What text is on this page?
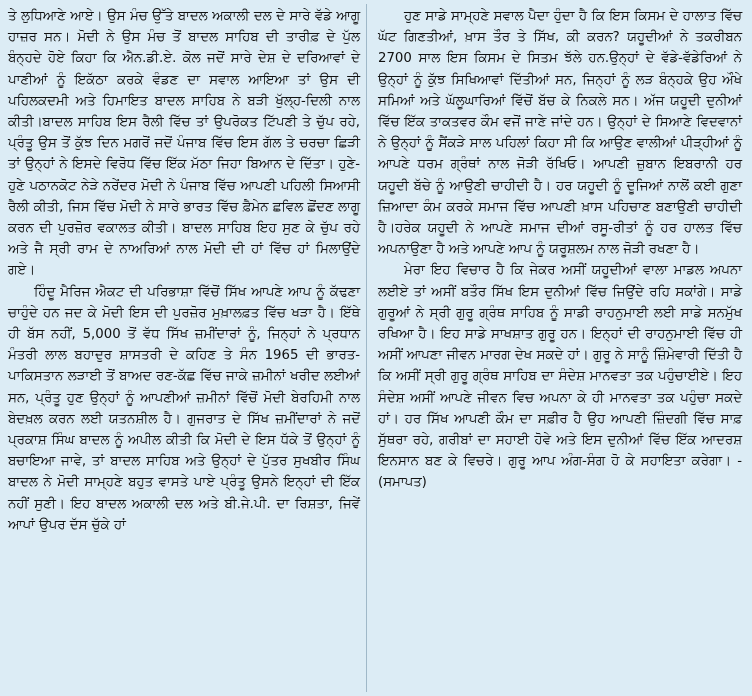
ਤੇ ਲੁਧਿਆਣੇ ਆਏ। ਉਸ ਮੰਚ ਉੱਤੇ ਬਾਦਲ ਅਕਾਲੀ ਦਲ ਦੇ ਸਾਰੇ ਵੱਡੇ ਆਗੂ ਹਾਜ਼ਰ ਸਨ। ਮੋਦੀ ਨੇ ਉਸ ਮੰਚ ਤੋਂ ਬਾਦਲ ਸਾਹਿਬ ਦੀ ਤਾਰੀਫ਼ ਦੇ ਪੁੱਲ ਬੰਨ੍ਹਦੇ ਹੋਏ ਕਿਹਾ ਕਿ ਐਨ.ਡੀ.ਏ. ਕੋਲ ਜਦੋਂ ਸਾਰੇ ਦੇਸ਼ ਦੇ ਦਰਿਆਵਾਂ ਦੇ ਪਾਣੀਆਂ ਨੂੰ ਇਕੱਠਾ ਕਰਕੇ ਵੰਡਣ ਦਾ ਸਵਾਲ ਆਇਆ ਤਾਂ ਉਸ ਦੀ ਪਹਿਲਕਦਮੀ ਅਤੇ ਹਿਮਾਇਤ ਬਾਦਲ ਸਾਹਿਬ ਨੇ ਬੜੀ ਖੁੱਲ੍ਹ-ਦਿਲੀ ਨਾਲ ਕੀਤੀ।ਬਾਦਲ ਸਾਹਿਬ ਇਸ ਰੈਲੀ ਵਿੱਚ ਤਾਂ ਉਪਰੋਕਤ ਟਿੱਪਣੀ ਤੇ ਚੁੱਪ ਰਹੇ, ਪ੍ਰੰਤੂ ਉਸ ਤੋਂ ਕੁੱਝ ਦਿਨ ਮਗਰੋਂ ਜਦੋਂ ਪੰਜਾਬ ਵਿੱਚ ਇਸ ਗੱਲ ਤੇ ਚਰਚਾ ਛਿੜੀ ਤਾਂ ਉਨ੍ਹਾਂ ਨੇ ਇਸਦੇ ਵਿਰੋਧ ਵਿੱਚ ਇੱਕ ਮੱਠਾ ਜਿਹਾ ਬਿਆਨ ਦੇ ਦਿੱਤਾ। ਹੁਣੇ-ਹੁਣੇ ਪਠਾਨਕੋਟ ਨੇੜੇ ਨਰੇਂਦਰ ਮੋਦੀ ਨੇ ਪੰਜਾਬ ਵਿੱਚ ਆਪਣੀ ਪਹਿਲੀ ਸਿਆਸੀ ਰੈਲੀ ਕੀਤੀ, ਜਿਸ ਵਿੱਚ ਮੋਦੀ ਨੇ ਸਾਰੇ ਭਾਰਤ ਵਿੱਚ ਫ਼ੈਮੇਨ ਛਵਿਲ ਛੋਂਦਣ ਲਾਗੂ ਕਰਨ ਦੀ ਪੁਰਜ਼ੋਰ ਵਕਾਲਤ ਕੀਤੀ। ਬਾਦਲ ਸਾਹਿਬ ਇਹ ਸੁਣ ਕੇ ਚੁੱਪ ਰਹੇ ਅਤੇ ਜੈ ਸ੍ਰੀ ਰਾਮ ਦੇ ਨਾਅਰਿਆਂ ਨਾਲ ਮੋਦੀ ਦੀ ਹਾਂ ਵਿੱਚ ਹਾਂ ਮਿਲਾਉਂਦੇ ਗਏ।

ਹਿੰਦੂ ਮੈਰਿਜ ਐਕਟ ਦੀ ਪਰਿਭਾਸ਼ਾ ਵਿੱਚੋਂ ਸਿੱਖ ਆਪਣੇ ਆਪ ਨੂੰ ਕੱਢਣਾ ਚਾਹੁੰਦੇ ਹਨ ਜਦ ਕੇ ਮੋਦੀ ਇਸ ਦੀ ਪੁਰਜ਼ੋਰ ਮੁਖ਼ਾਲਫ਼ਤ ਵਿੱਚ ਖੜਾ ਹੈ। ਇੱਥੇ ਹੀ ਬੱਸ ਨਹੀਂ, 5,000 ਤੋਂ ਵੱਧ ਸਿੱਖ ਜ਼ਮੀਂਦਾਰਾਂ ਨੂੰ, ਜਿਨ੍ਹਾਂ ਨੇ ਪ੍ਰਧਾਨ ਮੰਤਰੀ ਲਾਲ ਬਹਾਦੁਰ ਸ਼ਾਸਤਰੀ ਦੇ ਕਹਿਣ ਤੇ ਸੰਨ 1965 ਦੀ ਭਾਰਤ-ਪਾਕਿਸਤਾਨ ਲੜਾਈ ਤੋਂ ਬਾਅਦ ਰਣ-ਕੱਛ ਵਿੱਚ ਜਾਕੇ ਜ਼ਮੀਨਾਂ ਖਰੀਦ ਲਈਆਂ ਸਨ, ਪ੍ਰੰਤੂ ਹੁਣ ਉਨ੍ਹਾਂ ਨੂੰ ਆਪਣੀਆਂ ਜ਼ਮੀਨਾਂ ਵਿੱਚੋਂ ਮੋਦੀ ਬੇਰਹਿਮੀ ਨਾਲ ਬੇਦਖ਼ਲ ਕਰਨ ਲਈ ਯਤਨਸ਼ੀਲ ਹੈ। ਗੁਜਰਾਤ ਦੇ ਸਿੱਖ ਜ਼ਮੀਂਦਾਰਾਂ ਨੇ ਜਦੋਂ ਪ੍ਰਕਾਸ਼ ਸਿੰਘ ਬਾਦਲ ਨੂੰ ਅਪੀਲ ਕੀਤੀ ਕਿ ਮੋਦੀ ਦੇ ਇਸ ਧੱਕੇ ਤੋਂ ਉਨ੍ਹਾਂ ਨੂੰ ਬਚਾਇਆ ਜਾਵੇ, ਤਾਂ ਬਾਦਲ ਸਾਹਿਬ ਅਤੇ ਉਨ੍ਹਾਂ ਦੇ ਪੁੱਤਰ ਸੁਖਬੀਰ ਸਿੰਘ ਬਾਦਲ ਨੇ ਮੋਦੀ ਸਾਮ੍ਹਣੇ ਬਹੁਤ ਵਾਸਤੇ ਪਾਏ ਪ੍ਰੰਤੂ ਉਸਨੇ ਇਨ੍ਹਾਂ ਦੀ ਇੱਕ ਨਹੀਂ ਸੁਣੀ। ਇਹ ਬਾਦਲ ਅਕਾਲੀ ਦਲ ਅਤੇ ਬੀ.ਜੇ.ਪੀ. ਦਾ ਰਿਸ਼ਤਾ, ਜਿਵੇਂ ਆਪਾਂ ਉਪਰ ਦੱਸ ਚੁੱਕੇ ਹਾਂ

ਹੁਣ ਸਾਡੇ ਸਾਮ੍ਹਣੇ ਸਵਾਲ ਪੈਦਾ ਹੁੰਦਾ ਹੈ ਕਿ ਇਸ ਕਿਸਮ ਦੇ ਹਾਲਾਤ ਵਿੱਚ ਘੱਟ ਗਿਣਤੀਆਂ, ਖ਼ਾਸ ਤੌਰ ਤੇ ਸਿੱਖ, ਕੀ ਕਰਨ? ਯਹੂਦੀਆਂ ਨੇ ਤਕਰੀਬਨ 2700 ਸਾਲ ਇਸ ਕਿਸਮ ਦੇ ਸਿਤਮ ਝੱਲੇ ਹਨ.ਉਨ੍ਹਾਂ ਦੇ ਵੱਡੇ-ਵੱਡੇਰਿਆਂ ਨੇ ਉਨ੍ਹਾਂ ਨੂੰ ਕੁੱਝ ਸਿਖਿਆਵਾਂ ਦਿੱਤੀਆਂ ਸਨ, ਜਿਨ੍ਹਾਂ ਨੂੰ ਲੜ ਬੰਨ੍ਹਕੇ ਉਹ ਔਖੇ ਸਮਿਆਂ ਅਤੇ ਘੱਲੂਘਾਰਿਆਂ ਵਿੱਚੋਂ ਬੱਚ ਕੇ ਨਿਕਲੇ ਸਨ। ਅੱਜ ਯਹੂਦੀ ਦੁਨੀਆਂ ਵਿੱਚ ਇੱਕ ਤਾਕਤਵਰ ਕੌਮ ਵਜੋਂ ਜਾਣੇ ਜਾਂਦੇ ਹਨ। ਉਨ੍ਹਾਂ ਦੇ ਸਿਆਣੇ ਵਿਦਵਾਨਾਂ ਨੇ ਉਨ੍ਹਾਂ ਨੂੰ ਸੈਂਕੜੇ ਸਾਲ ਪਹਿਲਾਂ ਕਿਹਾ ਸੀ ਕਿ ਆਉਣ ਵਾਲੀਆਂ ਪੀੜ੍ਹੀਆਂ ਨੂੰ ਆਪਣੇ ਧਰਮ ਗ੍ਰੰਥਾਂ ਨਾਲ ਜੋੜੀ ਰੱਖਿਓ। ਆਪਣੀ ਜ਼ੁਬਾਨ ਇਬਰਾਨੀ ਹਰ ਯਹੂਦੀ ਬੱਚੇ ਨੂੰ ਆਉਣੀ ਚਾਹੀਦੀ ਹੈ। ਹਰ ਯਹੂਦੀ ਨੂੰ ਦੂਜਿਆਂ ਨਾਲੋਂ ਕਈ ਗੁਣਾ ਜ਼ਿਆਦਾ ਕੰਮ ਕਰਕੇ ਸਮਾਜ ਵਿੱਚ ਆਪਣੀ ਖ਼ਾਸ ਪਹਿਚਾਣ ਬਣਾਉਣੀ ਚਾਹੀਦੀ ਹੈ।ਹਰੇਕ ਯਹੂਦੀ ਨੇ ਆਪਣੇ ਸਮਾਜ ਦੀਆਂ ਰਸੂ-ਰੀਤਾਂ ਨੂੰ ਹਰ ਹਾਲਤ ਵਿੱਚ ਅਪਨਾਉਣਾ ਹੈ ਅਤੇ ਆਪਣੇ ਆਪ ਨੂੰ ਯਰੂਸ਼ਲਮ ਨਾਲ ਜੋੜੀ ਰਖਣਾ ਹੈ।

ਮੇਰਾ ਇਹ ਵਿਚਾਰ ਹੈ ਕਿ ਜੇਕਰ ਅਸੀਂ ਯਹੂਦੀਆਂ ਵਾਲਾ ਮਾਡਲ ਅਪਨਾ ਲਈਏ ਤਾਂ ਅਸੀਂ ਬਤੌਰ ਸਿੱਖ ਇਸ ਦੁਨੀਆਂ ਵਿੱਚ ਜਿਉਂਦੇ ਰਹਿ ਸਕਾਂਗੇ। ਸਾਡੇ ਗੁਰੂਆਂ ਨੇ ਸ੍ਰੀ ਗੁਰੂ ਗ੍ਰੰਥ ਸਾਹਿਬ ਨੂੰ ਸਾਡੀ ਰਾਹਨੁਮਾਈ ਲਈ ਸਾਡੇ ਸਨਮੁੱਖ ਰਖਿਆ ਹੈ। ਇਹ ਸਾਡੇ ਸਾਖਸ਼ਾਤ ਗੁਰੂ ਹਨ। ਇਨ੍ਹਾਂ ਦੀ ਰਾਹਨੁਮਾਈ ਵਿੱਚ ਹੀ ਅਸੀਂ ਆਪਣਾ ਜੀਵਨ ਮਾਰਗ ਦੇਖ ਸਕਦੇ ਹਾਂ। ਗੁਰੂ ਨੇ ਸਾਨੂੰ ਜ਼ਿੰਮੇਵਾਰੀ ਦਿੱਤੀ ਹੈ ਕਿ ਅਸੀਂ ਸ੍ਰੀ ਗੁਰੂ ਗ੍ਰੰਥ ਸਾਹਿਬ ਦਾ ਸੰਦੇਸ਼ ਮਾਨਵਤਾ ਤਕ ਪਹੁੰਚਾਈਏ। ਇਹ ਸੰਦੇਸ਼ ਅਸੀਂ ਆਪਣੇ ਜੀਵਨ ਵਿਚ ਅਪਨਾ ਕੇ ਹੀ ਮਾਨਵਤਾ ਤਕ ਪਹੁੰਚਾ ਸਕਦੇ ਹਾਂ। ਹਰ ਸਿੱਖ ਆਪਣੀ ਕੌਮ ਦਾ ਸਫ਼ੀਰ ਹੈ ਉਹ ਆਪਣੀ ਜ਼ਿੰਦਗੀ ਵਿੱਚ ਸਾਫ਼ ਸੁੱਥਰਾ ਰਹੇ, ਗਰੀਬਾਂ ਦਾ ਸਹਾਈ ਹੋਵੇ ਅਤੇ ਇਸ ਦੁਨੀਆਂ ਵਿੱਚ ਇੱਕ ਆਦਰਸ਼ ਇਨਸਾਨ ਬਣ ਕੇ ਵਿਚਰੇ। ਗੁਰੂ ਆਪ ਅੰਗ-ਸੰਗ ਹੋ ਕੇ ਸਹਾਇਤਾ ਕਰੇਗਾ। - (ਸਮਾਪਤ)
